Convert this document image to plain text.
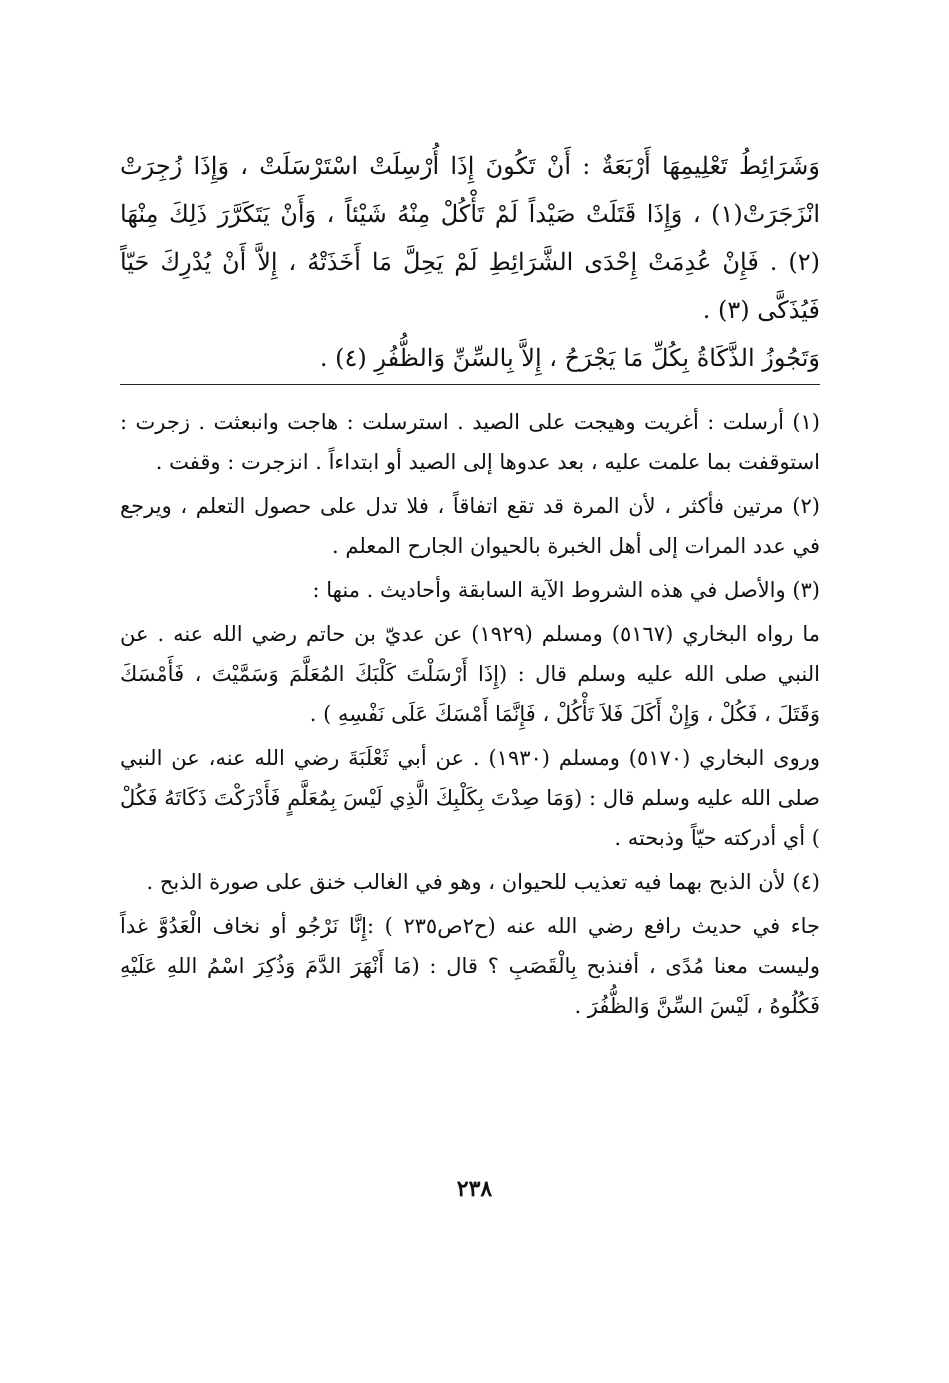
وَشَرَائِطُ تَعْلِيمِهَا أَرْبَعَةٌ : أَنْ تَكُونَ إِذَا أُرْسِلَتْ اسْتَرْسَلَتْ ، وَإِذَا زُجِرَتْ انْزَجَرَتْ(١) ، وَإِذَا قَتَلَتْ صَيْداً لَمْ تَأْكُلْ مِنْهُ شَيْئاً ، وَأَنْ يَتَكَرَّرَ ذَلِكَ مِنْهَا (٢) . فَإِنْ عُدِمَتْ إِحْدَى الشَّرَائِطِ لَمْ يَحِلَّ مَا أَخَذَتْهُ ، إِلاَّ أَنْ يُدْرِكَ حَيّاً فَيُذَكَّى (٣) .

وَتَجُوزُ الذَّكَاةُ بِكُلِّ مَا يَجْرَحُ ، إِلاَّ بِالسِّنِّ وَالظُّفُرِ (٤) .

(١) أرسلت : أغريت وهيجت على الصيد . استرسلت : هاجت وانبعثت . زجرت : استوقفت بما علمت عليه ، بعد عدوها إلى الصيد أو ابتداءاً . انزجرت : وقفت .

(٢) مرتين فأكثر ، لأن المرة قد تقع اتفاقاً ، فلا تدل على حصول التعلم ، ويرجع في عدد المرات إلى أهل الخبرة بالحيوان الجارح المعلم .

(٣) والأصل في هذه الشروط الآية السابقة وأحاديث . منها :

ما رواه البخاري (٥١٦٧) ومسلم (١٩٢٩) عن عديّ بن حاتم رضي الله عنه . عن النبي صلى الله عليه وسلم قال : (إِذَا أَرْسَلْتَ كَلْبَكَ المُعَلَّمَ وَسَمَّيْتَ ، فَأَمْسَكَ وَقَتَلَ ، فَكُلْ ، وَإِنْ أَكَلَ فَلاَ تَأْكُلْ ، فَإِنَّمَا أَمْسَكَ عَلَى نَفْسِهِ ) .

وروى البخاري (٥١٧٠) ومسلم (١٩٣٠) . عن أبي ثَعْلَبَةَ رضي الله عنه، عن النبي صلى الله عليه وسلم قال : (وَمَا صِدْتَ بِكَلْبِكَ الَّذِي لَيْسَ بِمُعَلَّمٍ فَأَدْرَكْتَ ذَكَاتَهُ فَكُلْ ) أي أدركته حيّاً وذبحته .

(٤) لأن الذبح بهما فيه تعذيب للحيوان ، وهو في الغالب خنق على صورة الذبح .

جاء في حديث رافع رضي الله عنه (ح٢ص٢٣٥ ) :إِنَّا نَرْجُو أو نخاف الْعَدُوَّ غداً وليست معنا مُدًى ، أفنذبح بِالْقَصَبِ ؟ قال : (مَا أَنْهَرَ الدَّمَ وَذُكِرَ اسْمُ اللهِ عَلَيْهِ فَكُلُوهُ ، لَيْسَ السِّنَّ وَالظُّفُرَ .

٢٣٨
